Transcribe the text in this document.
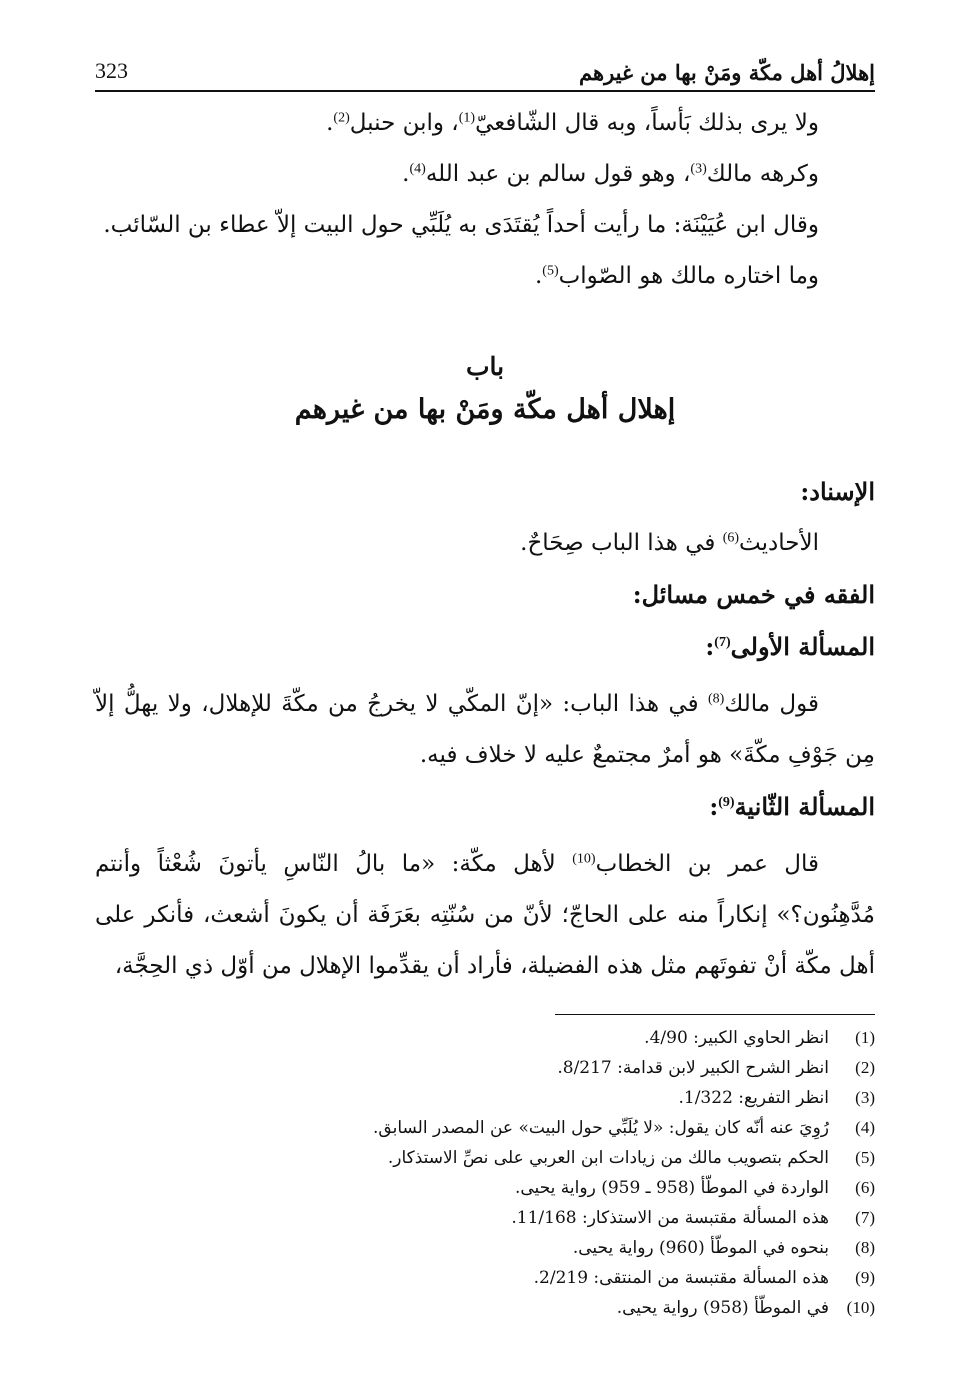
إهلالُ أهل مكّة ومَنْ بها من غيرهم
323

ولا يرى بذلك بَأساً، وبه قال الشّافعيّ$^{(1)}$، وابن حنبل$^{(2)}$.

وكرهه مالك$^{(3)}$، وهو قول سالم بن عبد الله$^{(4)}$.

وقال ابن عُيَيْنَة: ما رأيت أحداً يُقتَدَى به يُلَبِّي حول البيت إلاّ عطاء بن السّائب.

وما اختاره مالك هو الصّواب$^{(5)}$.

باب
إهلال أهل مكّة ومَنْ بها من غيرهم

الإسناد:

الأحاديث$^{(6)}$ في هذا الباب صِحَاحٌ.

الفقه في خمس مسائل:

المسألة الأولى$^{(7)}$:

قول مالك$^{(8)}$ في هذا الباب: «إنّ المكّي لا يخرجُ من مكّةَ للإهلال، ولا يهلُّ إلاّ مِن جَوْفِ مكّةَ» هو أمرٌ مجتمعٌ عليه لا خلاف فيه.

المسألة الثّانية$^{(9)}$:

قال عمر بن الخطاب$^{(10)}$ لأهل مكّة: «ما بالُ النّاسِ يأتونَ شُعْثاً وأنتم مُدَّهِنُون؟» إنكاراً منه على الحاجّ؛ لأنّ من سُنّتِه بعَرَفَة أن يكونَ أشعث، فأنكر على أهل مكّة أنْ تفوتَهم مثل هذه الفضيلة، فأراد أن يقدِّموا الإهلال من أوّل ذي الحِجَّة،

(1)
انظر الحاوي الكبير: 4/90.
(2)
انظر الشرح الكبير لابن قدامة: 8/217.
(3)
انظر التفريع: 1/322.
(4)
رُوِيَ عنه أنّه كان يقول: «لا يُلَبِّي حول البيت» عن المصدر السابق.
(5)
الحكم بتصويب مالك من زيادات ابن العربي على نصِّ الاستذكار.
(6)
الواردة في الموطّأ (958 ـ 959) رواية يحيى.
(7)
هذه المسألة مقتبسة من الاستذكار: 11/168.
(8)
بنحوه في الموطّأ (960) رواية يحيى.
(9)
هذه المسألة مقتبسة من المنتقى: 2/219.
(10)
في الموطّأ (958) رواية يحيى.
